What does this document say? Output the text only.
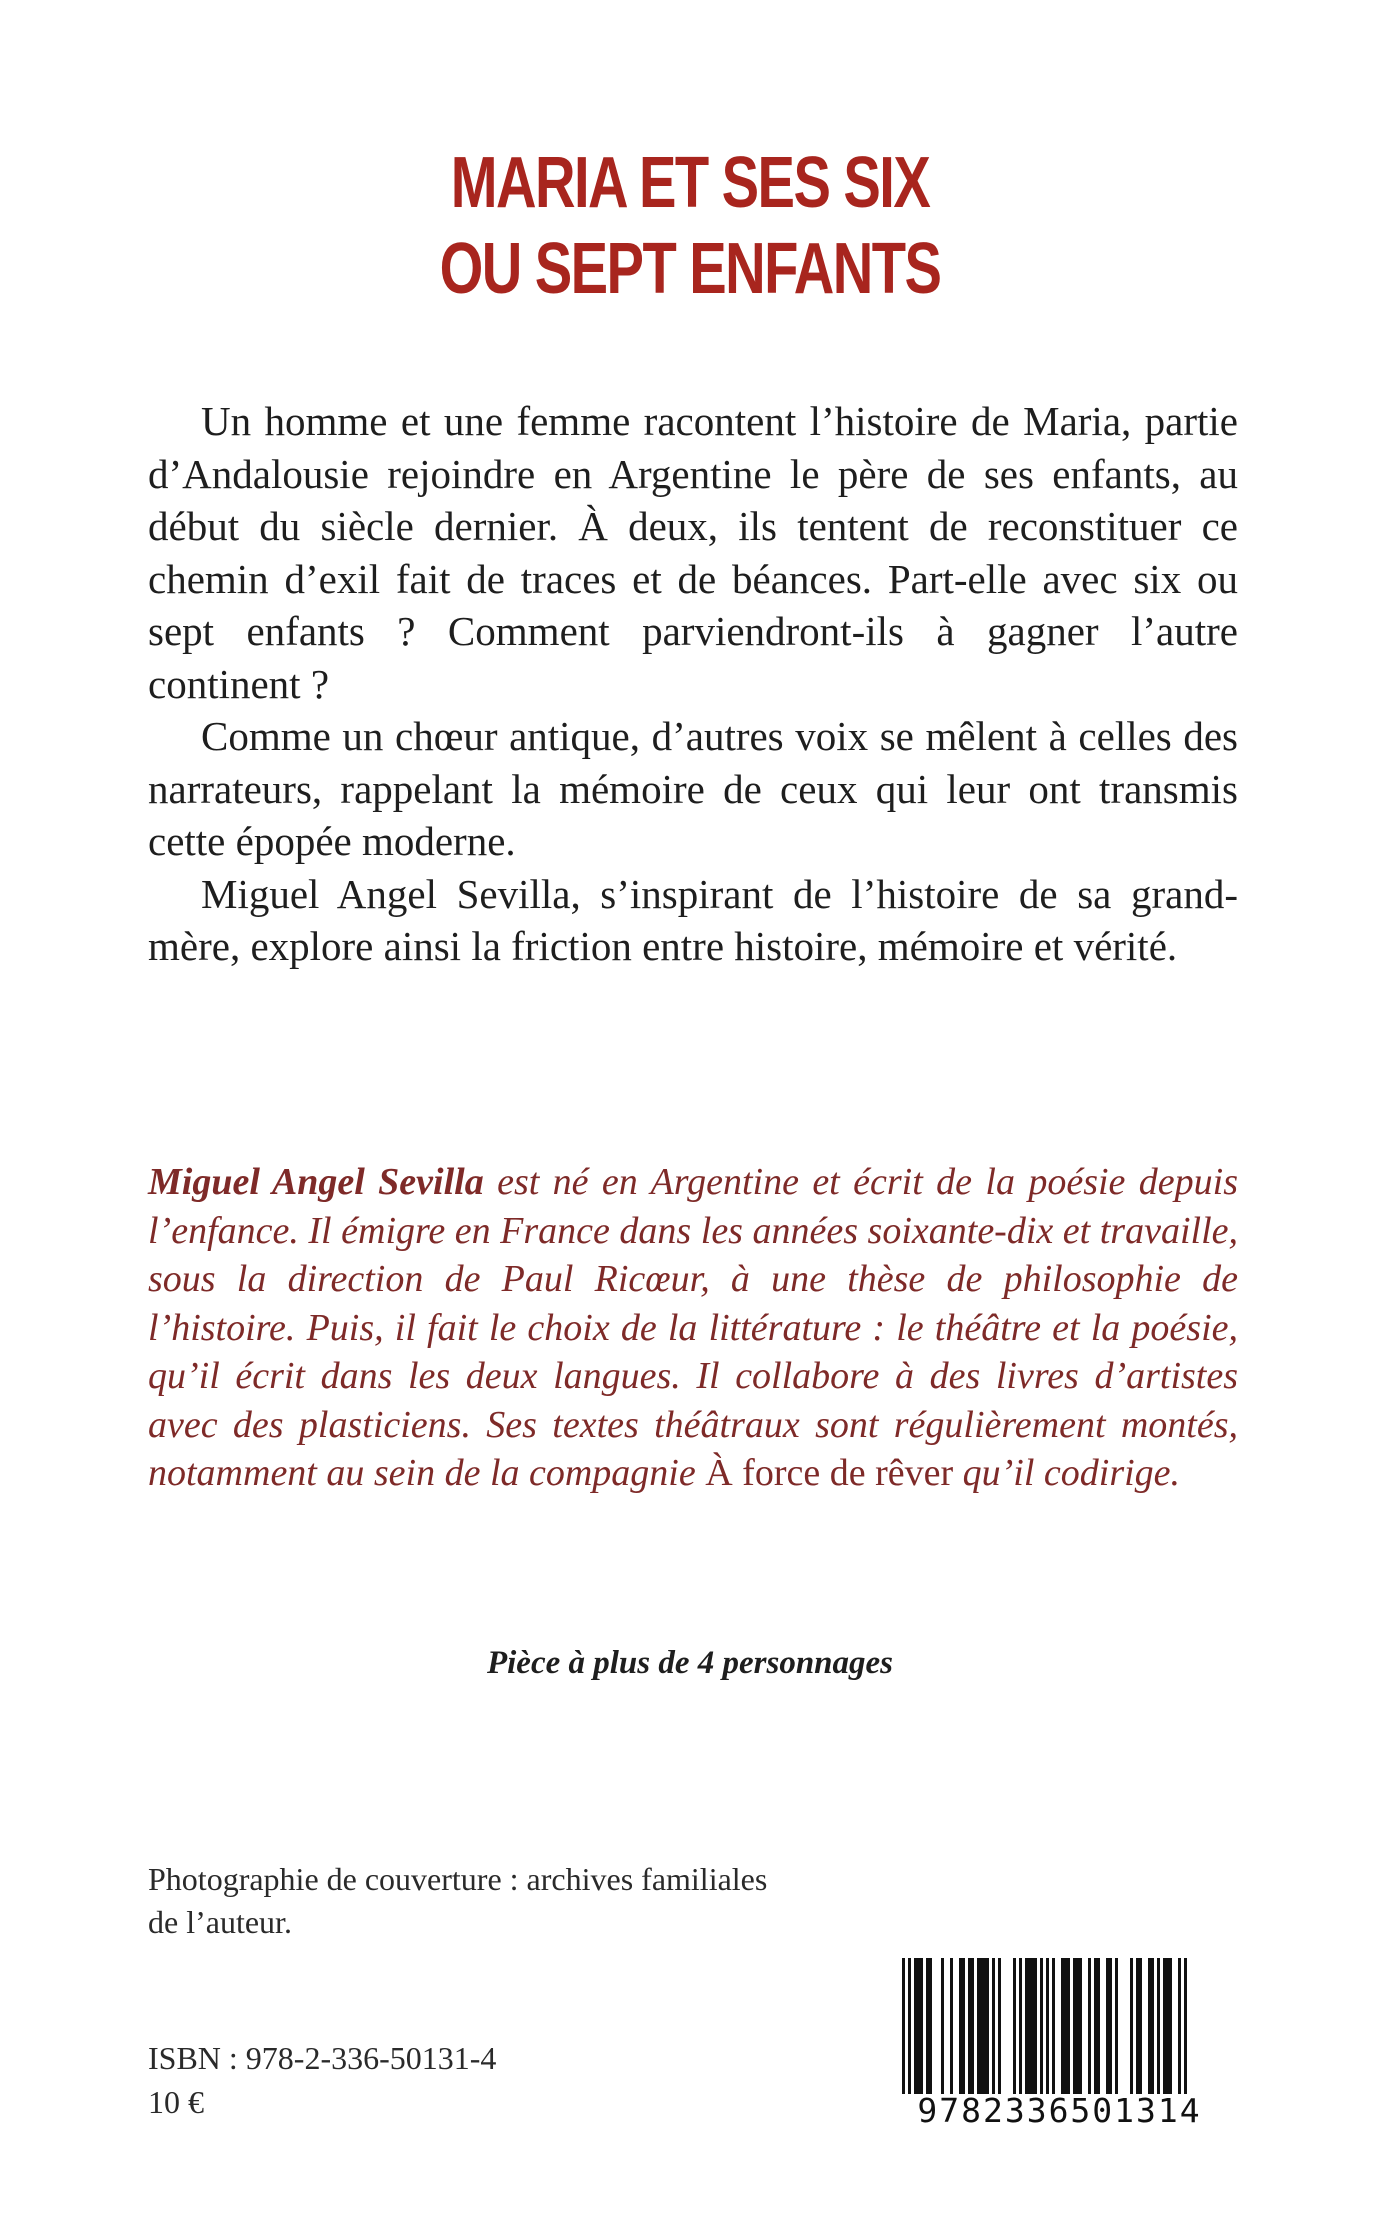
MARIA ET SES SIX
OU SEPT ENFANTS

Un homme et une femme racontent l’histoire de Maria, partie d’Andalousie rejoindre en Argentine le père de ses enfants, au début du siècle dernier. À deux, ils tentent de reconstituer ce chemin d’exil fait de traces et de béances. Part-elle avec six ou sept enfants ? Comment parviendront-ils à gagner l’autre continent ?

Comme un chœur antique, d’autres voix se mêlent à celles des narrateurs, rappelant la mémoire de ceux qui leur ont transmis cette épopée moderne.

Miguel Angel Sevilla, s’inspirant de l’histoire de sa grand-mère, explore ainsi la friction entre histoire, mémoire et vérité.

Miguel Angel Sevilla est né en Argentine et écrit de la poésie depuis l’enfance. Il émigre en France dans les années soixante-dix et travaille, sous la direction de Paul Ricœur, à une thèse de philosophie de l’histoire. Puis, il fait le choix de la littérature : le théâtre et la poésie, qu’il écrit dans les deux langues. Il collabore à des livres d’artistes avec des plasticiens. Ses textes théâtraux sont régulièrement montés, notamment au sein de la compagnie À force de rêver qu’il codirige.
Pièce à plus de 4 personnages
Photographie de couverture : archives familiales
de l’auteur.
ISBN : 978-2-336-50131-4
10 €	9782336501314
